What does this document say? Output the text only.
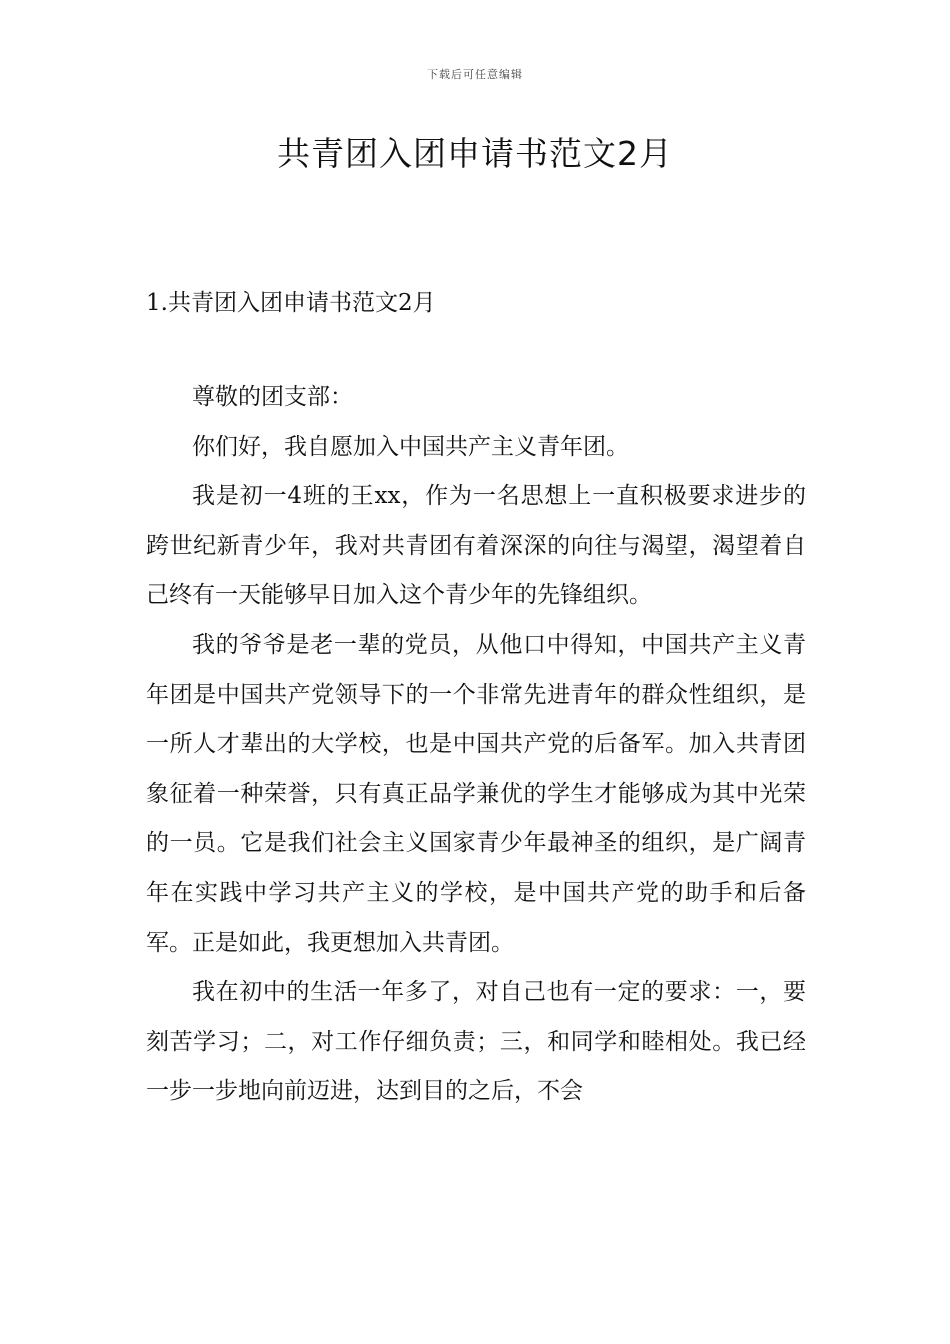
下载后可任意编辑
共青团入团申请书范文2月
1.共青团入团申请书范文2月

尊敬的团支部：

你们好，我自愿加入中国共产主义青年团。

我是初一4班的王xx，作为一名思想上一直积极要求进步的跨世纪新青少年，我对共青团有着深深的向往与渴望，渴望着自己终有一天能够早日加入这个青少年的先锋组织。

我的爷爷是老一辈的党员，从他口中得知，中国共产主义青年团是中国共产党领导下的一个非常先进青年的群众性组织，是一所人才辈出的大学校，也是中国共产党的后备军。加入共青团象征着一种荣誉，只有真正品学兼优的学生才能够成为其中光荣的一员。它是我们社会主义国家青少年最神圣的组织，是广阔青年在实践中学习共产主义的学校，是中国共产党的助手和后备军。正是如此，我更想加入共青团。

我在初中的生活一年多了，对自己也有一定的要求：一，要刻苦学习；二，对工作仔细负责；三，和同学和睦相处。我已经一步一步地向前迈进，达到目的之后，不会
